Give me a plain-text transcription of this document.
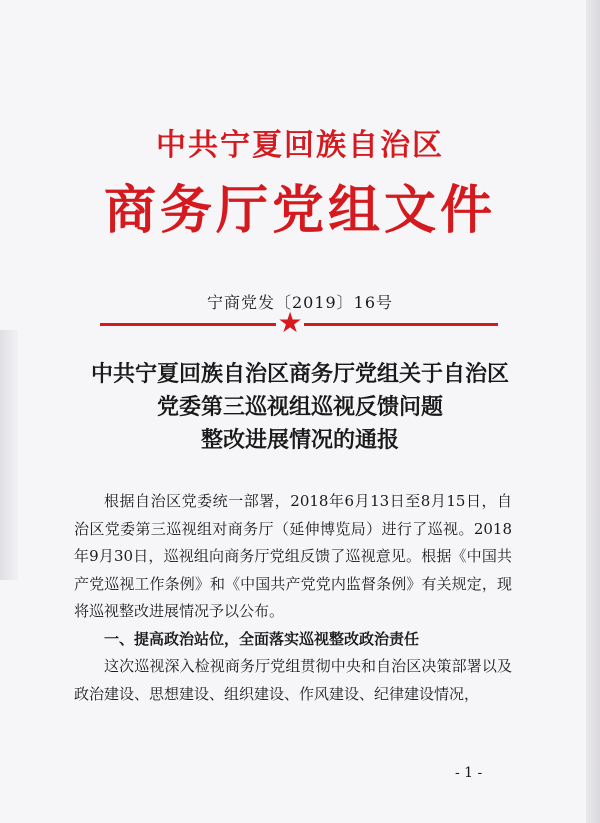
中共宁夏回族自治区
商务厅党组文件
宁商党发〔2019〕16号
★
中共宁夏回族自治区商务厅党组关于自治区
党委第三巡视组巡视反馈问题
整改进展情况的通报

根据自治区党委统一部署，2018年6月13日至8月15日，自治区党委第三巡视组对商务厅（延伸博览局）进行了巡视。2018年9月30日，巡视组向商务厅党组反馈了巡视意见。根据《中国共产党巡视工作条例》和《中国共产党党内监督条例》有关规定，现将巡视整改进展情况予以公布。

一、提高政治站位，全面落实巡视整改政治责任

这次巡视深入检视商务厅党组贯彻中央和自治区决策部署以及政治建设、思想建设、组织建设、作风建设、纪律建设情况，

- 1 -
